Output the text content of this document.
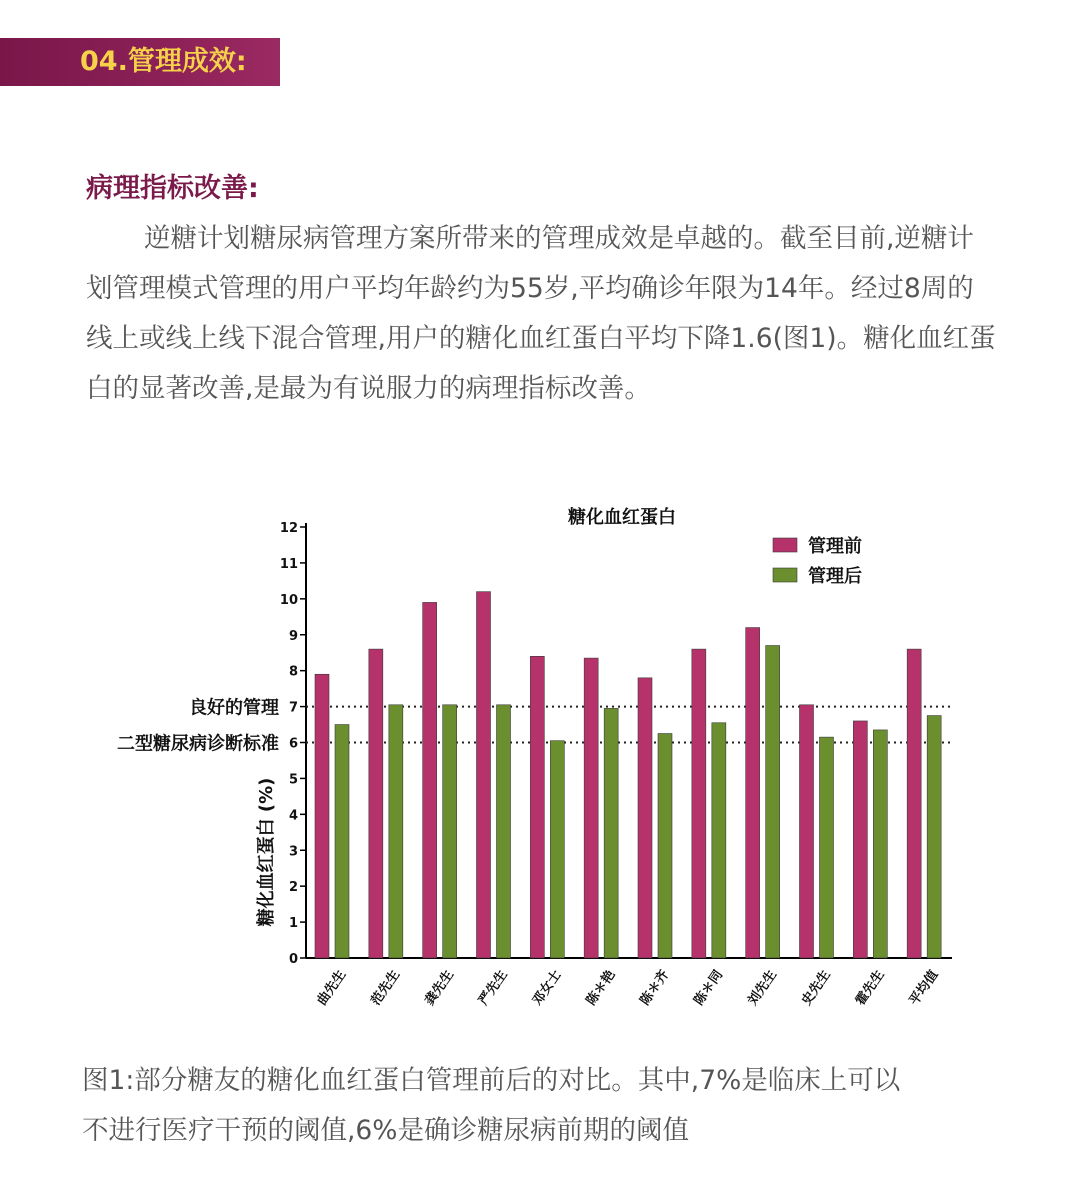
04.管理成效:
病理指标改善:

逆糖计划糖尿病管理方案所带来的管理成效是卓越的。截至目前,逆糖计划管理模式管理的用户平均年龄约为55岁,平均确诊年限为14年。经过8周的线上或线上线下混合管理,用户的糖化血红蛋白平均下降1.6(图1)。糖化血红蛋白的显著改善,是最为有说服力的病理指标改善。

糖化血红蛋白
0
1
2
3
4
5
6
7
8
9
10
11
12
良好的管理
二型糖尿病诊断标准
曲先生 范先生 龚先生 严先生 邓女士 陈＊艳 陈＊齐 陈＊同 刘先生 史先生 霍先生 平均值
糖化血红蛋白 (%)
管理前
管理后

图1:部分糖友的糖化血红蛋白管理前后的对比。其中,7%是临床上可以不进行医疗干预的阈值,6%是确诊糖尿病前期的阈值
